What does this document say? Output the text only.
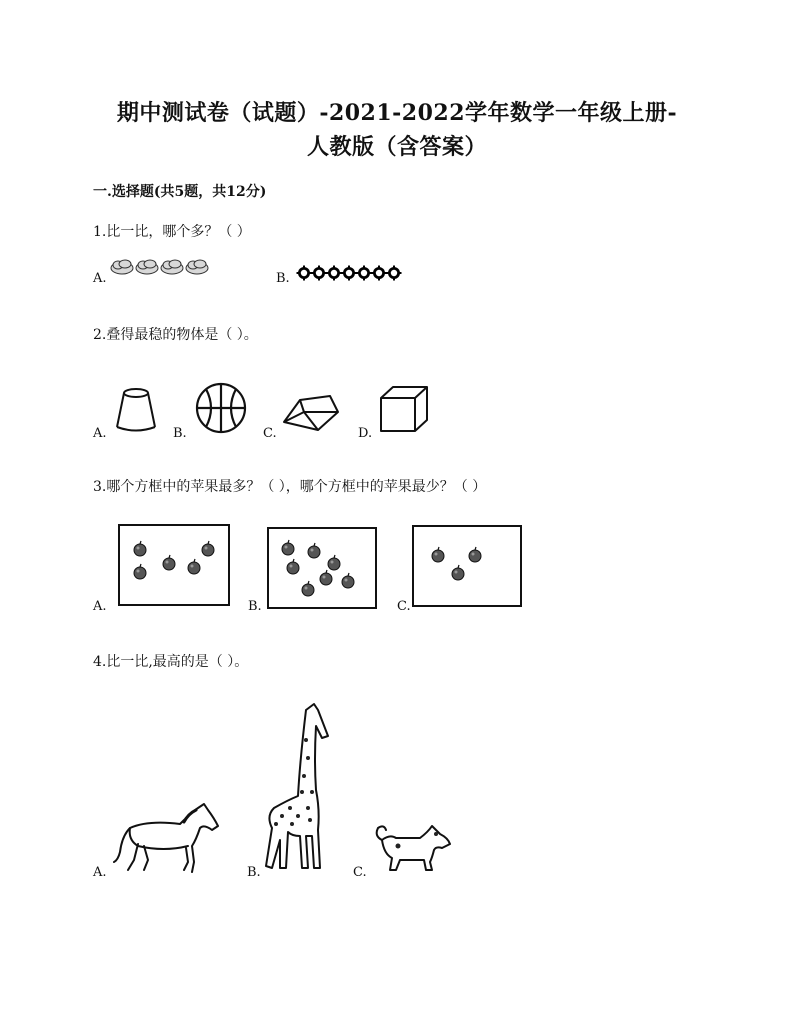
期中测试卷（试题）-2021-2022学年数学一年级上册-
人教版（含答案）
一.选择题(共5题，共12分)
1.比一比，哪个多？（ ）
A.	B.
2.叠得最稳的物体是（ ）。
A.	B.	C.	D.
3.哪个方框中的苹果最多？（ ），哪个方框中的苹果最少？（ ）
A.	B.	C.
4.比一比,最高的是（ ）。
A.	B.	C.
